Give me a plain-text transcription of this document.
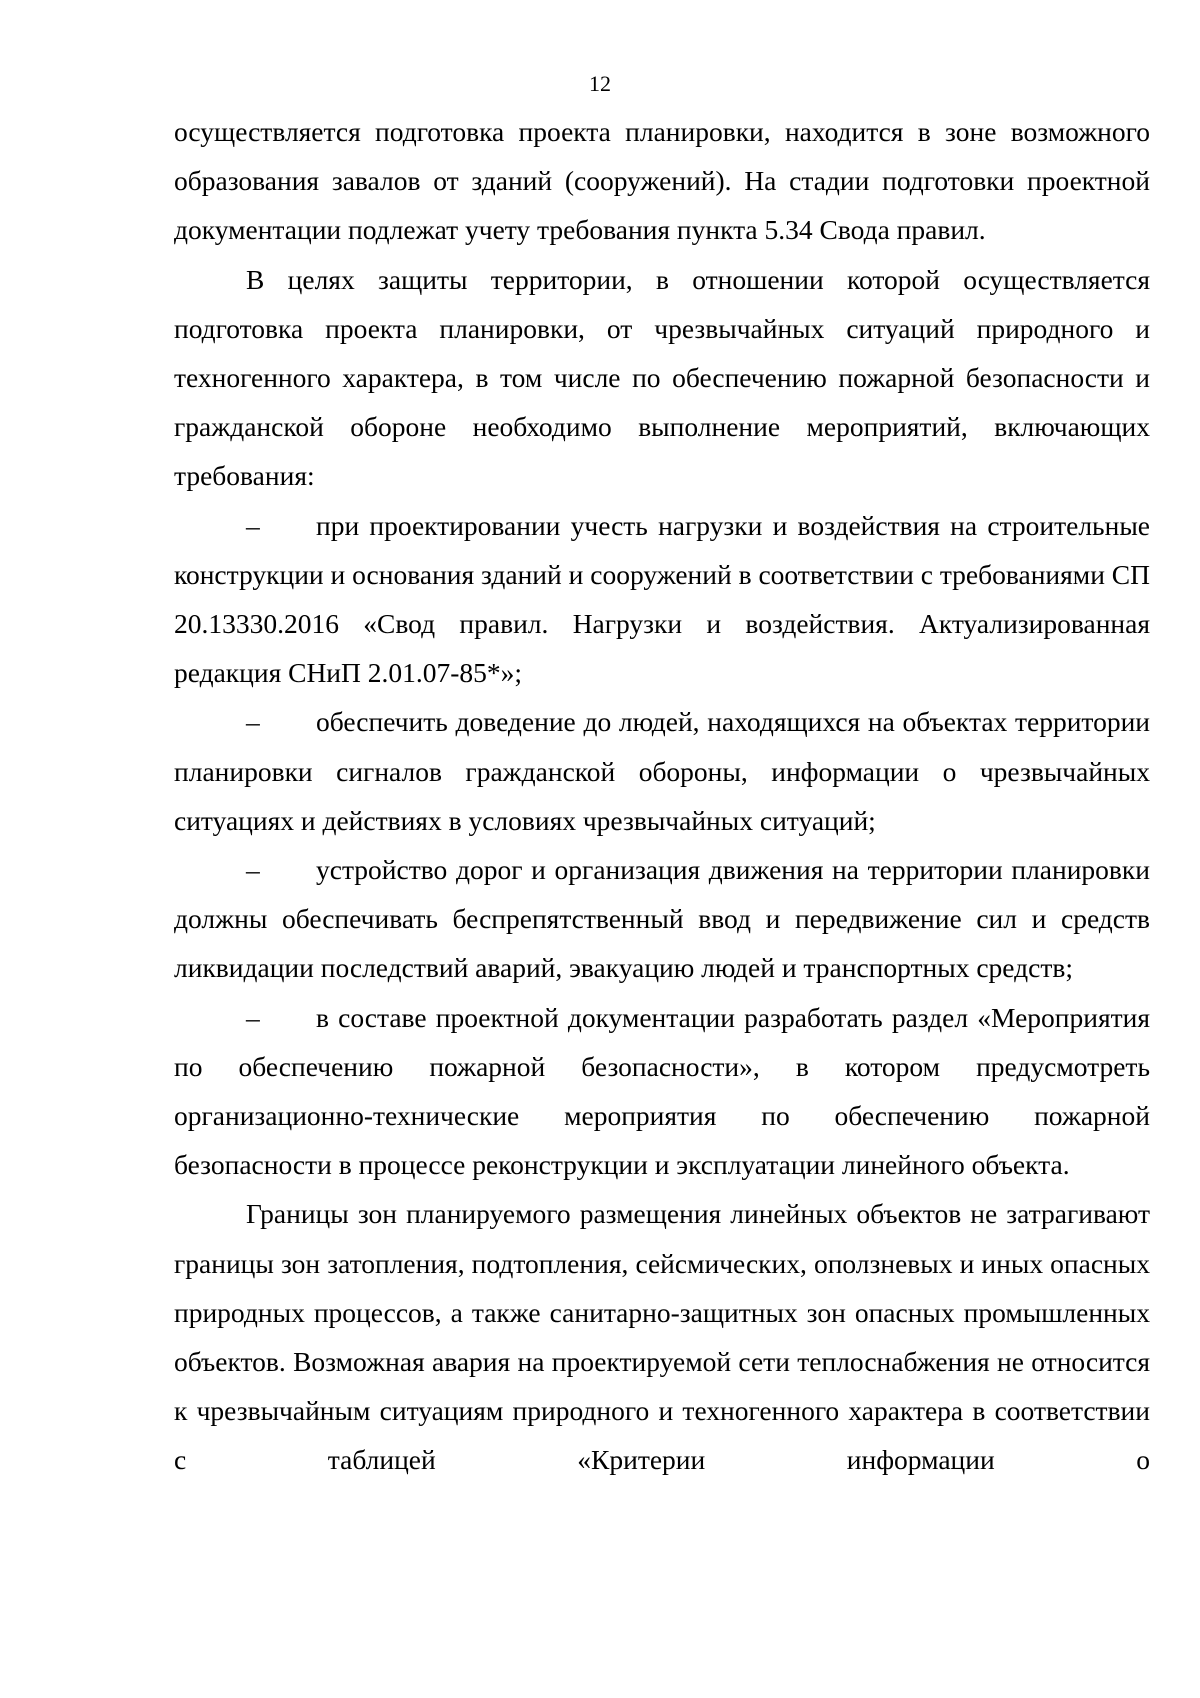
12

осуществляется подготовка проекта планировки, находится в зоне возможного образования завалов от зданий (сооружений). На стадии подготовки проектной документации подлежат учету требования пункта 5.34 Свода правил.

В целях защиты территории, в отношении которой осуществляется подготовка проекта планировки, от чрезвычайных ситуаций природного и техногенного характера, в том числе по обеспечению пожарной безопасности и гражданской обороне необходимо выполнение мероприятий, включающих требования:

– при проектировании учесть нагрузки и воздействия на строительные конструкции и основания зданий и сооружений в соответствии с требованиями СП 20.13330.2016 «Свод правил. Нагрузки и воздействия. Актуализированная редакция СНиП 2.01.07-85*»;

– обеспечить доведение до людей, находящихся на объектах территории планировки сигналов гражданской обороны, информации о чрезвычайных ситуациях и действиях в условиях чрезвычайных ситуаций;

– устройство дорог и организация движения на территории планировки должны обеспечивать беспрепятственный ввод и передвижение сил и средств ликвидации последствий аварий, эвакуацию людей и транспортных средств;

– в составе проектной документации разработать раздел «Мероприятия по обеспечению пожарной безопасности», в котором предусмотреть организационно-технические мероприятия по обеспечению пожарной безопасности в процессе реконструкции и эксплуатации линейного объекта.

Границы зон планируемого размещения линейных объектов не затрагивают границы зон затопления, подтопления, сейсмических, оползневых и иных опасных природных процессов, а также санитарно-защитных зон опасных промышленных объектов. Возможная авария на проектируемой сети теплоснабжения не относится к чрезвычайным ситуациям природного и техногенного характера в соответствии с таблицей «Критерии информации о
